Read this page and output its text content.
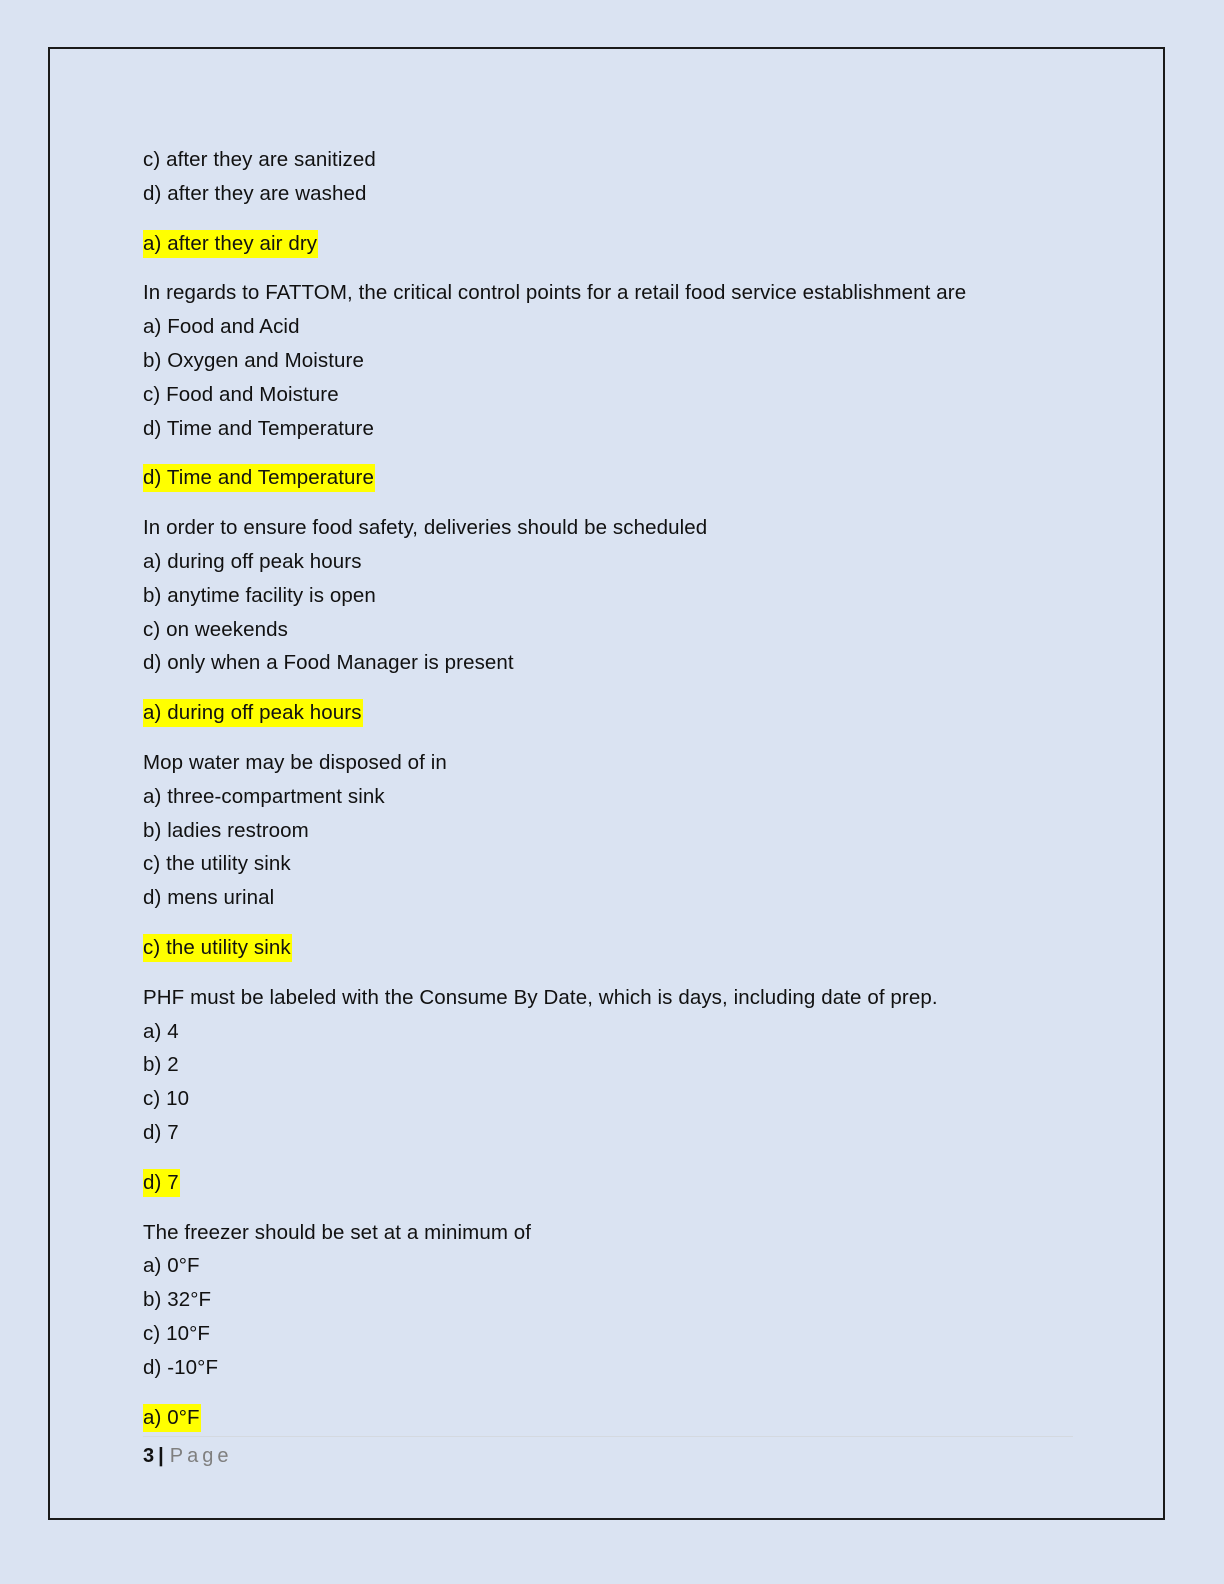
c) after they are sanitized
d) after they are washed
a) after they air dry
In regards to FATTOM, the critical control points for a retail food service establishment are
a) Food and Acid
b) Oxygen and Moisture
c) Food and Moisture
d) Time and Temperature
d) Time and Temperature
In order to ensure food safety, deliveries should be scheduled
a) during off peak hours
b) anytime facility is open
c) on weekends
d) only when a Food Manager is present
a) during off peak hours
Mop water may be disposed of in
a) three-compartment sink
b) ladies restroom
c) the utility sink
d) mens urinal
c) the utility sink
PHF must be labeled with the Consume By Date, which is days, including date of prep.
a) 4
b) 2
c) 10
d) 7
d) 7
The freezer should be set at a minimum of
a) 0°F
b) 32°F
c) 10°F
d) -10°F
a) 0°F
3 | Page
